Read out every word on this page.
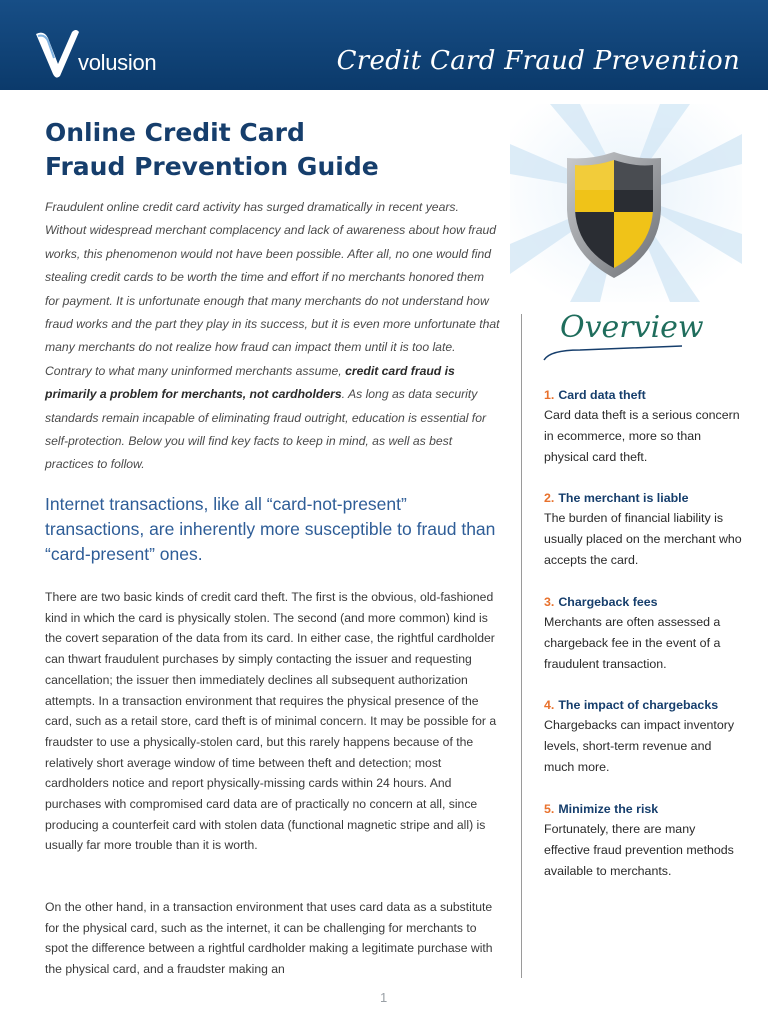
volusion	Credit Card Fraud Prevention
Online Credit Card
Fraud Prevention Guide
Fraudulent online credit card activity has surged dramatically in recent years. Without widespread merchant complacency and lack of awareness about how fraud works, this phenomenon would not have been possible. After all, no one would find stealing credit cards to be worth the time and effort if no merchants honored them for payment. It is unfortunate enough that many merchants do not understand how fraud works and the part they play in its success, but it is even more unfortunate that many merchants do not realize how fraud can impact them until it is too late. Contrary to what many uninformed merchants assume, credit card fraud is primarily a problem for merchants, not cardholders. As long as data security standards remain incapable of eliminating fraud outright, education is essential for self-protection. Below you will find key facts to keep in mind, as well as best practices to follow.
Internet transactions, like all “card-not-present” transactions, are inherently more susceptible to fraud than “card-present” ones.
There are two basic kinds of credit card theft. The first is the obvious, old-fashioned kind in which the card is physically stolen. The second (and more common) kind is the covert separation of the data from its card. In either case, the rightful cardholder can thwart fraudulent purchases by simply contacting the issuer and requesting cancellation; the issuer then immediately declines all subsequent authorization attempts. In a transaction environment that requires the physical presence of the card, such as a retail store, card theft is of minimal concern. It may be possible for a fraudster to use a physically-stolen card, but this rarely happens because of the relatively short average window of time between theft and detection; most cardholders notice and report physically-missing cards within 24 hours. And purchases with compromised card data are of practically no concern at all, since producing a counterfeit card with stolen data (functional magnetic stripe and all) is usually far more trouble than it is worth.
On the other hand, in a transaction environment that uses card data as a substitute for the physical card, such as the internet, it can be challenging for merchants to spot the difference between a rightful cardholder making a legitimate purchase with the physical card, and a fraudster making an
Overview
1. Card data theft
Card data theft is a serious concern in ecommerce, more so than physical card theft.
2. The merchant is liable
The burden of financial liability is usually placed on the merchant who accepts the card.
3. Chargeback fees
Merchants are often assessed a chargeback fee in the event of a fraudulent transaction.
4. The impact of chargebacks
Chargebacks can impact inventory levels, short-term revenue and much more.
5. Minimize the risk
Fortunately, there are many effective fraud prevention methods available to merchants.
1
